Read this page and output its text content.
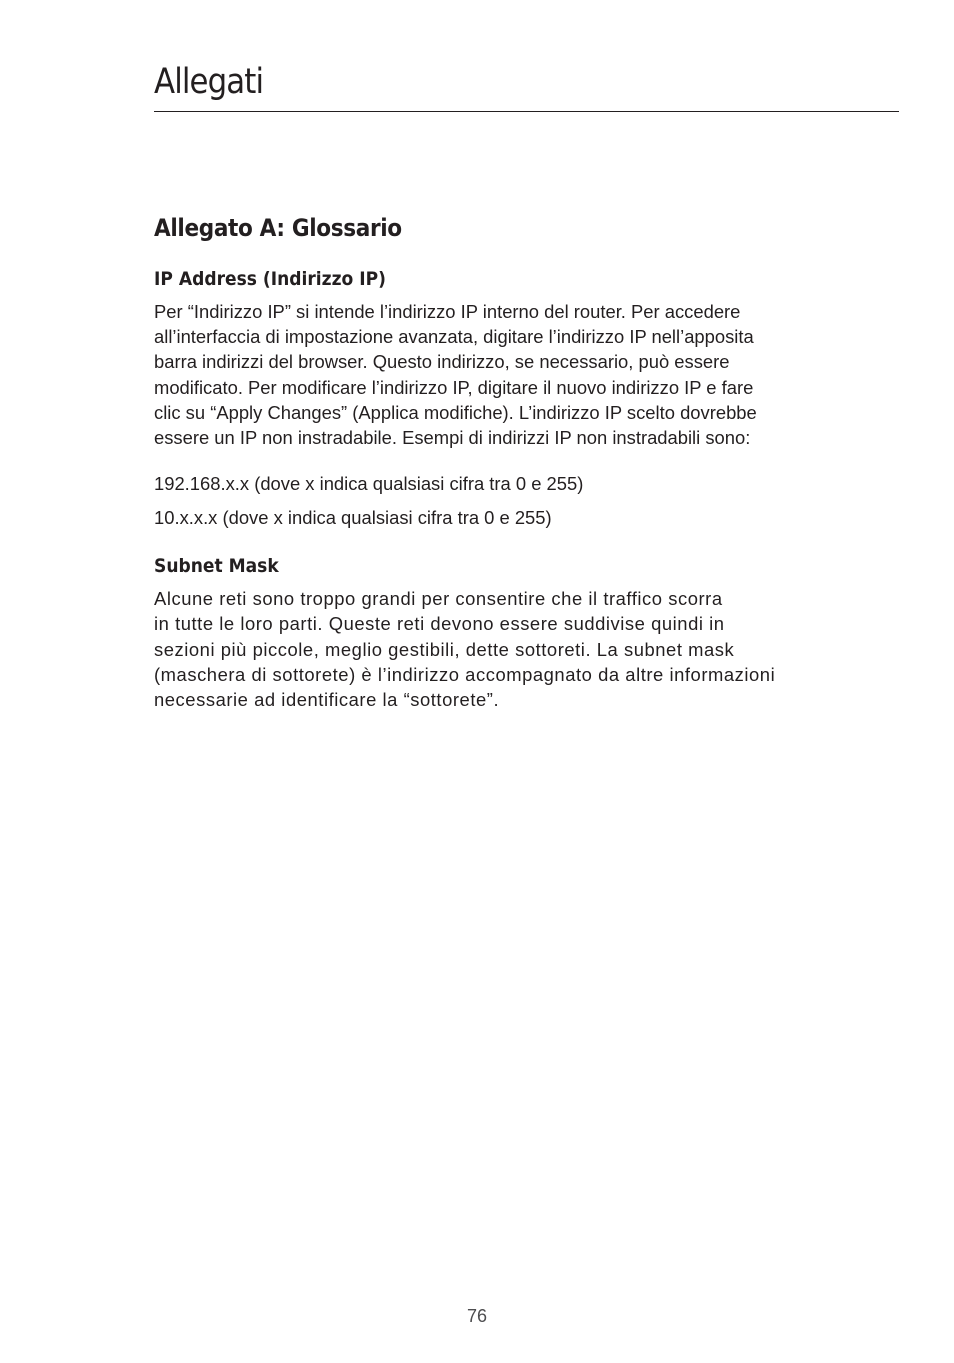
Allegati
Allegato A: Glossario
IP Address (Indirizzo IP)

Per “Indirizzo IP” si intende l’indirizzo IP interno del router. Per accedere
all’interfaccia di impostazione avanzata, digitare l’indirizzo IP nell’apposita
barra indirizzi del browser. Questo indirizzo, se necessario, può essere
modificato. Per modificare l’indirizzo IP, digitare il nuovo indirizzo IP e fare
clic su “Apply Changes” (Applica modifiche). L’indirizzo IP scelto dovrebbe
essere un IP non instradabile. Esempi di indirizzi IP non instradabili sono:

192.168.x.x (dove x indica qualsiasi cifra tra 0 e 255)

10.x.x.x (dove x indica qualsiasi cifra tra 0 e 255)

Subnet Mask

Alcune reti sono troppo grandi per consentire che il traffico scorra
in tutte le loro parti. Queste reti devono essere suddivise quindi in
sezioni più piccole, meglio gestibili, dette sottoreti. La subnet mask
(maschera di sottorete) è l’indirizzo accompagnato da altre informazioni
necessarie ad identificare la “sottorete”.

76
